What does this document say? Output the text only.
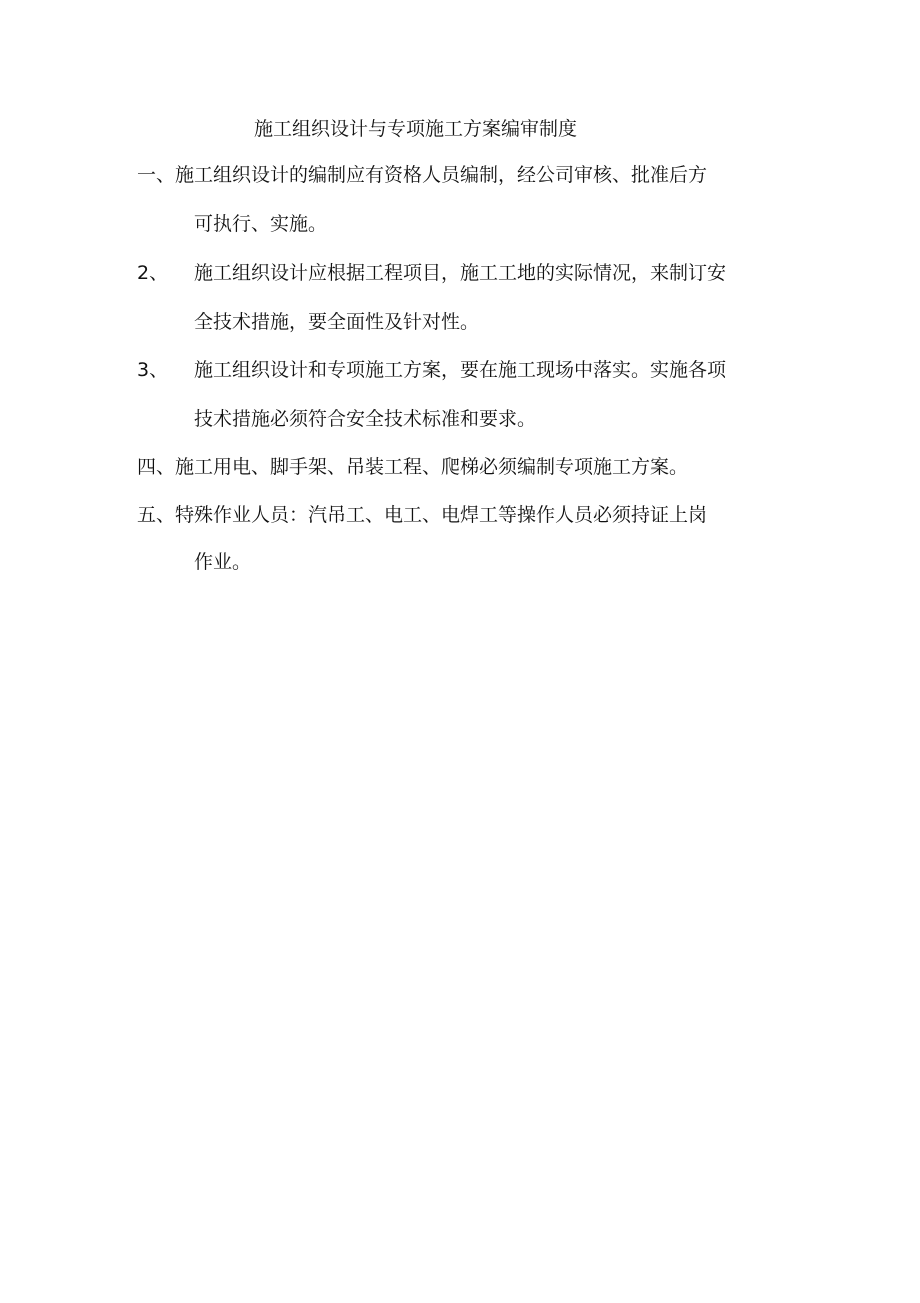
施工组织设计与专项施工方案编审制度
一、施工组织设计的编制应有资格人员编制，经公司审核、批准后方
可执行、实施。
2、 施工组织设计应根据工程项目，施工工地的实际情况，来制订安
全技术措施，要全面性及针对性。
3、 施工组织设计和专项施工方案，要在施工现场中落实。实施各项
技术措施必须符合安全技术标准和要求。
四、施工用电、脚手架、吊装工程、爬梯必须编制专项施工方案。
五、特殊作业人员：汽吊工、电工、电焊工等操作人员必须持证上岗
作业。
